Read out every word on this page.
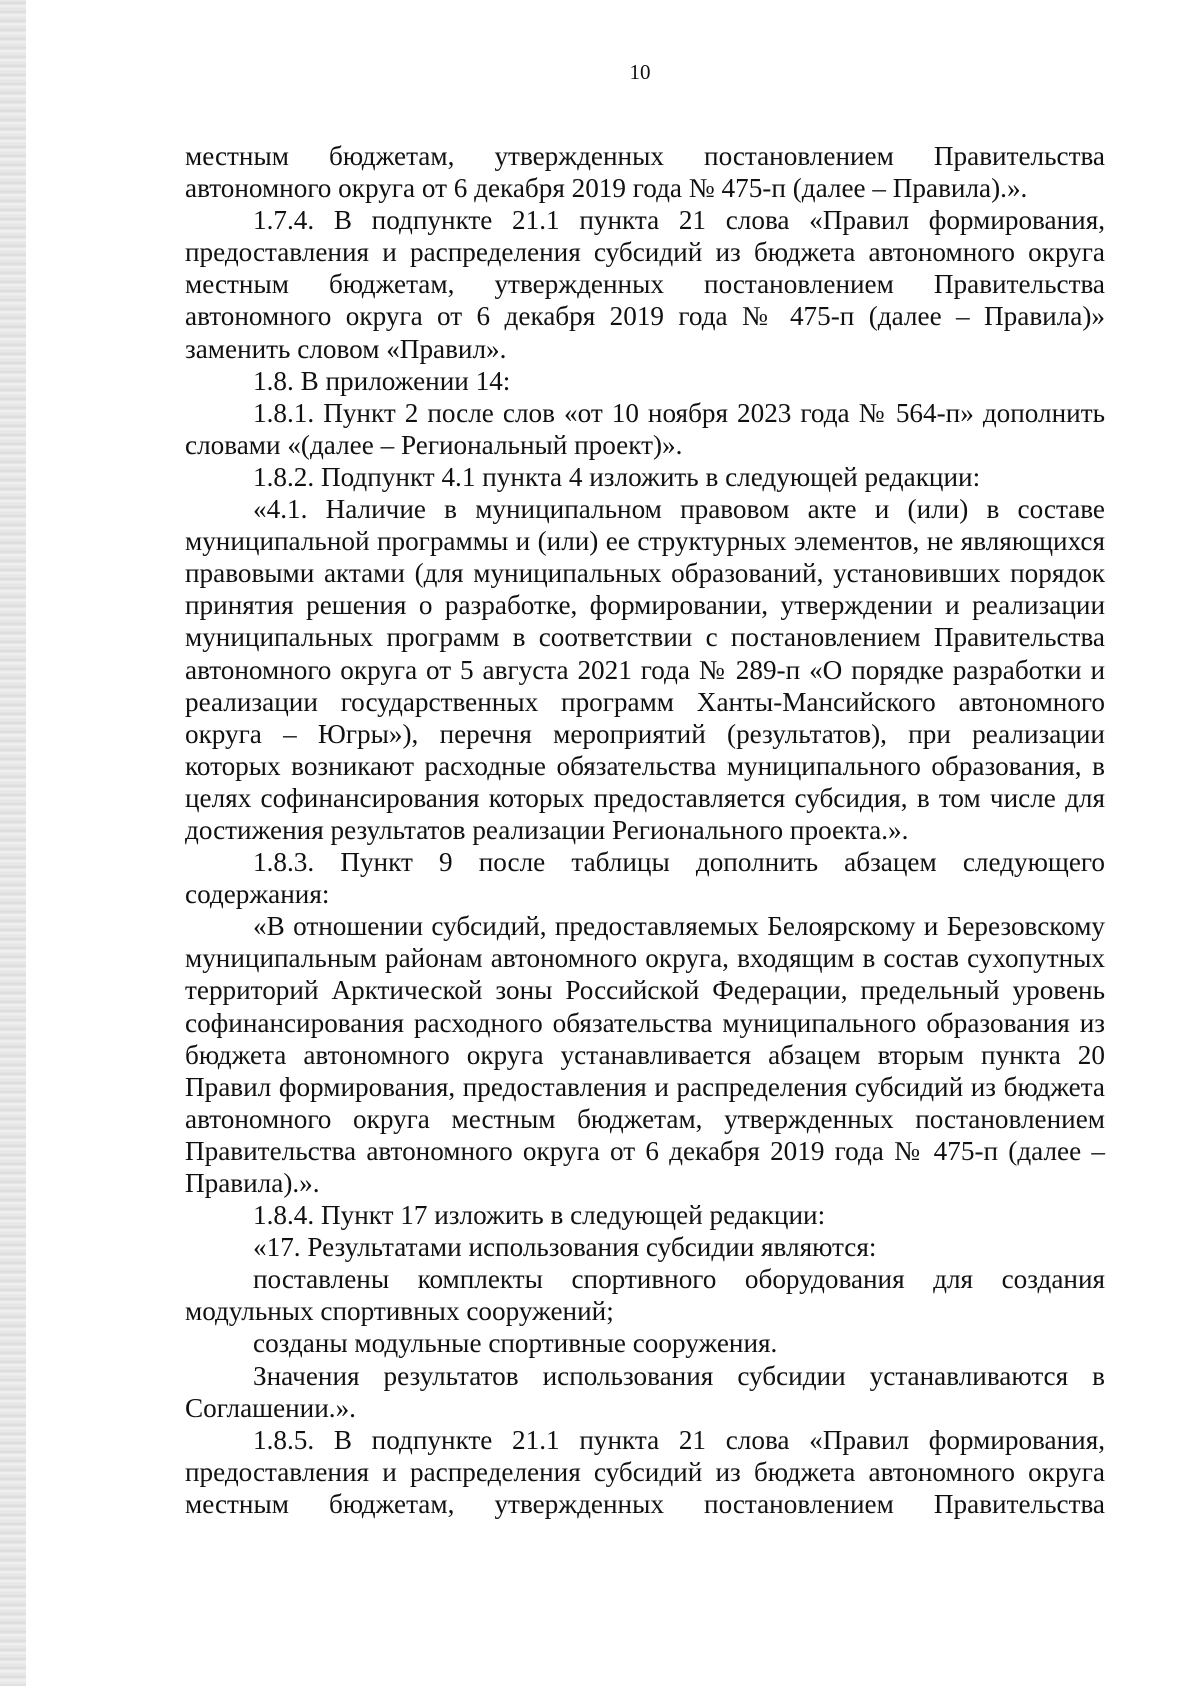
10

местным бюджетам, утвержденных постановлением Правительства автономного округа от 6 декабря 2019 года № 475-п (далее – Правила).».

1.7.4. В подпункте 21.1 пункта 21 слова «Правил формирования, предоставления и распределения субсидий из бюджета автономного округа местным бюджетам, утвержденных постановлением Правительства автономного округа от 6 декабря 2019 года № 475-п (далее – Правила)» заменить словом «Правил».

1.8. В приложении 14:

1.8.1. Пункт 2 после слов «от 10 ноября 2023 года № 564-п» дополнить словами «(далее – Региональный проект)».

1.8.2. Подпункт 4.1 пункта 4 изложить в следующей редакции:

«4.1. Наличие в муниципальном правовом акте и (или) в составе муниципальной программы и (или) ее структурных элементов, не являющихся правовыми актами (для муниципальных образований, установивших порядок принятия решения о разработке, формировании, утверждении и реализации муниципальных программ в соответствии с постановлением Правительства автономного округа от 5 августа 2021 года № 289-п «О порядке разработки и реализации государственных программ Ханты-Мансийского автономного округа – Югры»), перечня мероприятий (результатов), при реализации которых возникают расходные обязательства муниципального образования, в целях софинансирования которых предоставляется субсидия, в том числе для достижения результатов реализации Регионального проекта.».

1.8.3. Пункт 9 после таблицы дополнить абзацем следующего содержания:

«В отношении субсидий, предоставляемых Белоярскому и Березовскому муниципальным районам автономного округа, входящим в состав сухопутных территорий Арктической зоны Российской Федерации, предельный уровень софинансирования расходного обязательства муниципального образования из бюджета автономного округа устанавливается абзацем вторым пункта 20 Правил формирования, предоставления и распределения субсидий из бюджета автономного округа местным бюджетам, утвержденных постановлением Правительства автономного округа от 6 декабря 2019 года № 475-п (далее – Правила).».

1.8.4. Пункт 17 изложить в следующей редакции:

«17. Результатами использования субсидии являются:

поставлены комплекты спортивного оборудования для создания модульных спортивных сооружений;

созданы модульные спортивные сооружения.

Значения результатов использования субсидии устанавливаются в Соглашении.».

1.8.5. В подпункте 21.1 пункта 21 слова «Правил формирования, предоставления и распределения субсидий из бюджета автономного округа местным бюджетам, утвержденных постановлением Правительства
